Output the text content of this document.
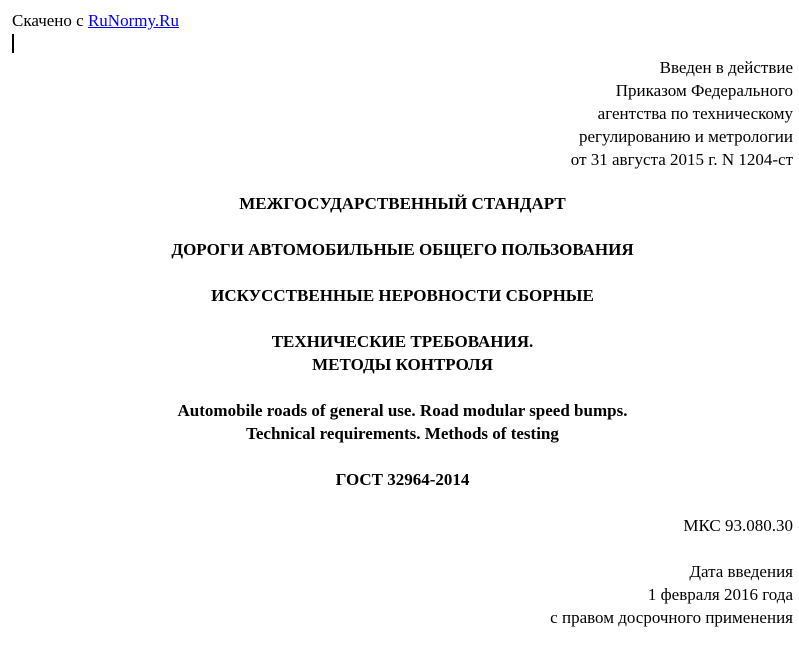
Скачено с RuNormy.Ru
Введен в действие
Приказом Федерального
агентства по техническому
регулированию и метрологии
от 31 августа 2015 г. N 1204-ст
МЕЖГОСУДАРСТВЕННЫЙ СТАНДАРТ
ДОРОГИ АВТОМОБИЛЬНЫЕ ОБЩЕГО ПОЛЬЗОВАНИЯ
ИСКУССТВЕННЫЕ НЕРОВНОСТИ СБОРНЫЕ
ТЕХНИЧЕСКИЕ ТРЕБОВАНИЯ.
МЕТОДЫ КОНТРОЛЯ
Automobile roads of general use. Road modular speed bumps.
Technical requirements. Methods of testing
ГОСТ 32964-2014
МКС 93.080.30
Дата введения
1 февраля 2016 года
с правом досрочного применения
